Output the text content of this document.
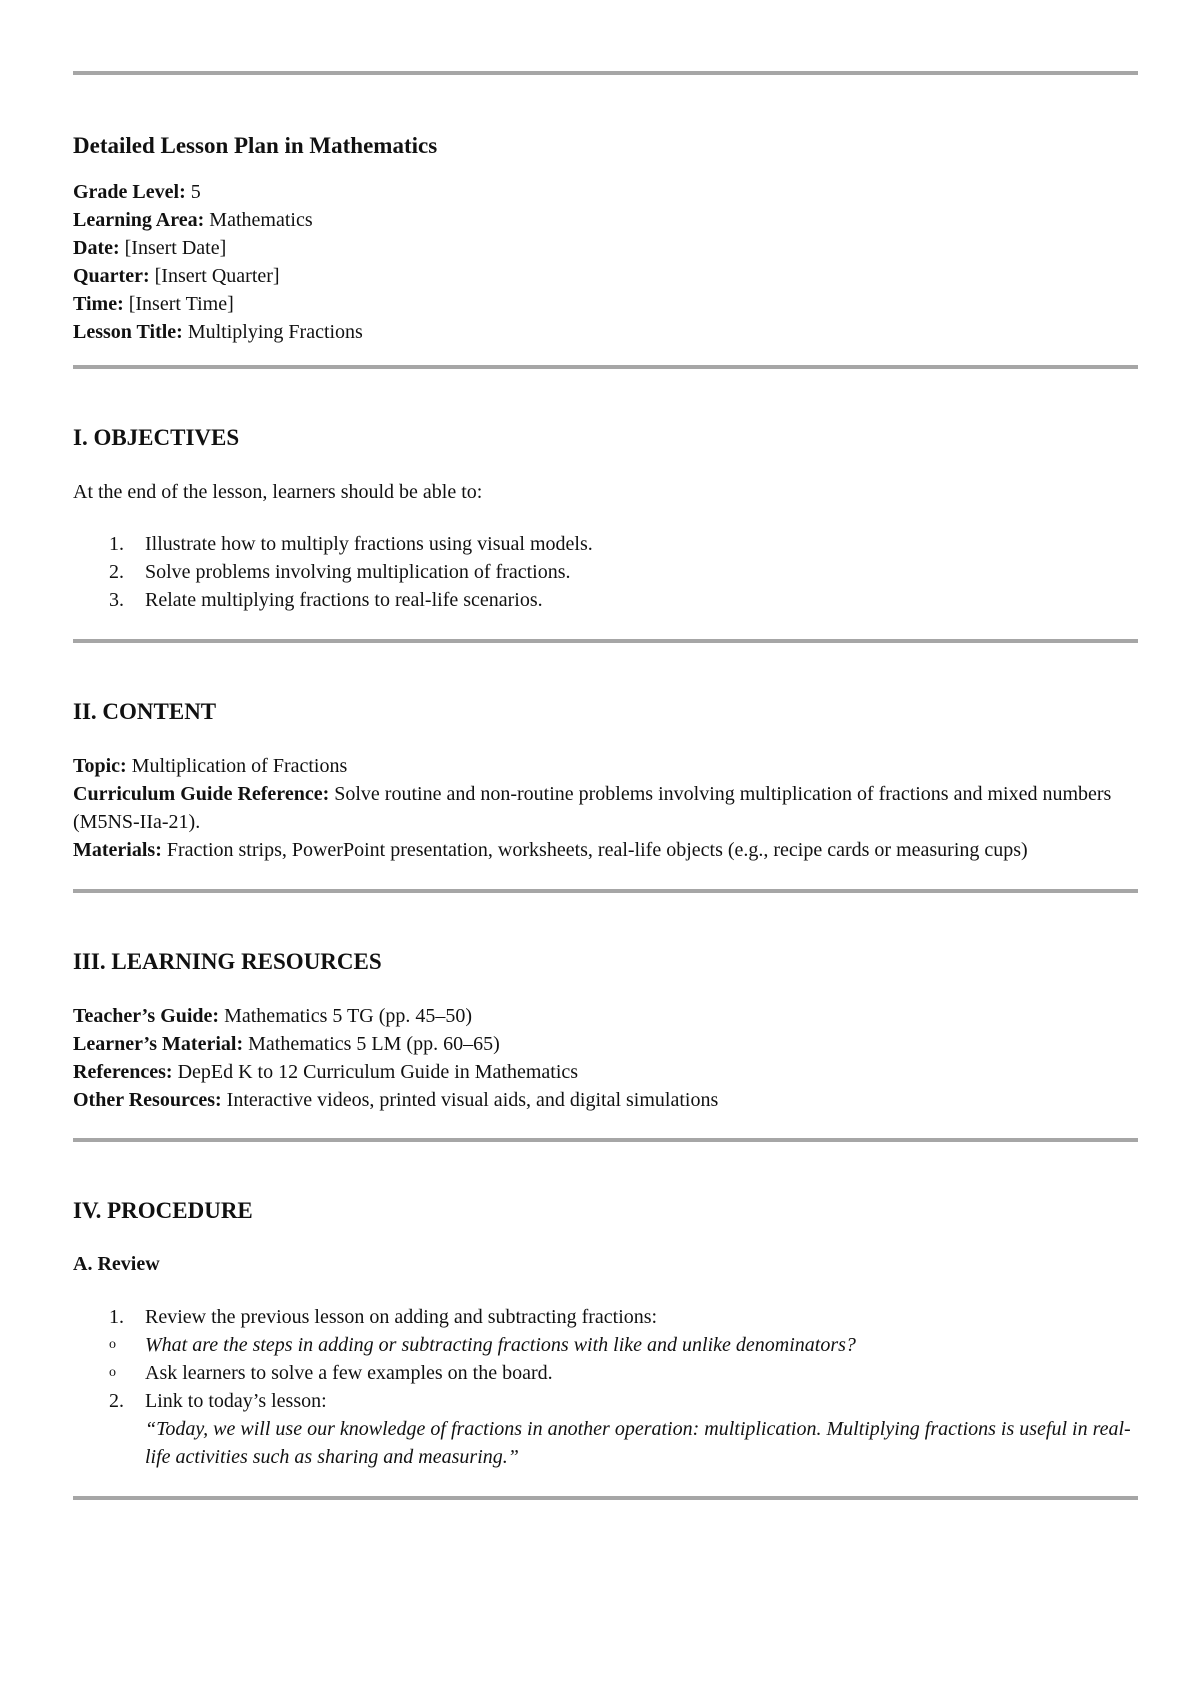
Detailed Lesson Plan in Mathematics

Grade Level: 5

Learning Area: Mathematics

Date: [Insert Date]

Quarter: [Insert Quarter]

Time: [Insert Time]

Lesson Title: Multiplying Fractions

I. OBJECTIVES

At the end of the lesson, learners should be able to:

1. Illustrate how to multiply fractions using visual models.
2. Solve problems involving multiplication of fractions.
3. Relate multiplying fractions to real-life scenarios.
II. CONTENT

Topic: Multiplication of Fractions

Curriculum Guide Reference: Solve routine and non-routine problems involving multiplication of fractions and mixed numbers (M5NS-IIa-21).

Materials: Fraction strips, PowerPoint presentation, worksheets, real-life objects (e.g., recipe cards or measuring cups)

III. LEARNING RESOURCES

Teacher’s Guide: Mathematics 5 TG (pp. 45–50)

Learner’s Material: Mathematics 5 LM (pp. 60–65)

References: DepEd K to 12 Curriculum Guide in Mathematics

Other Resources: Interactive videos, printed visual aids, and digital simulations

IV. PROCEDURE
A. Review
1. Review the previous lesson on adding and subtracting fractions:
o What are the steps in adding or subtracting fractions with like and unlike denominators?
o Ask learners to solve a few examples on the board.
2. Link to today’s lesson:
“Today, we will use our knowledge of fractions in another operation: multiplication. Multiplying fractions is useful in real-life activities such as sharing and measuring.”
